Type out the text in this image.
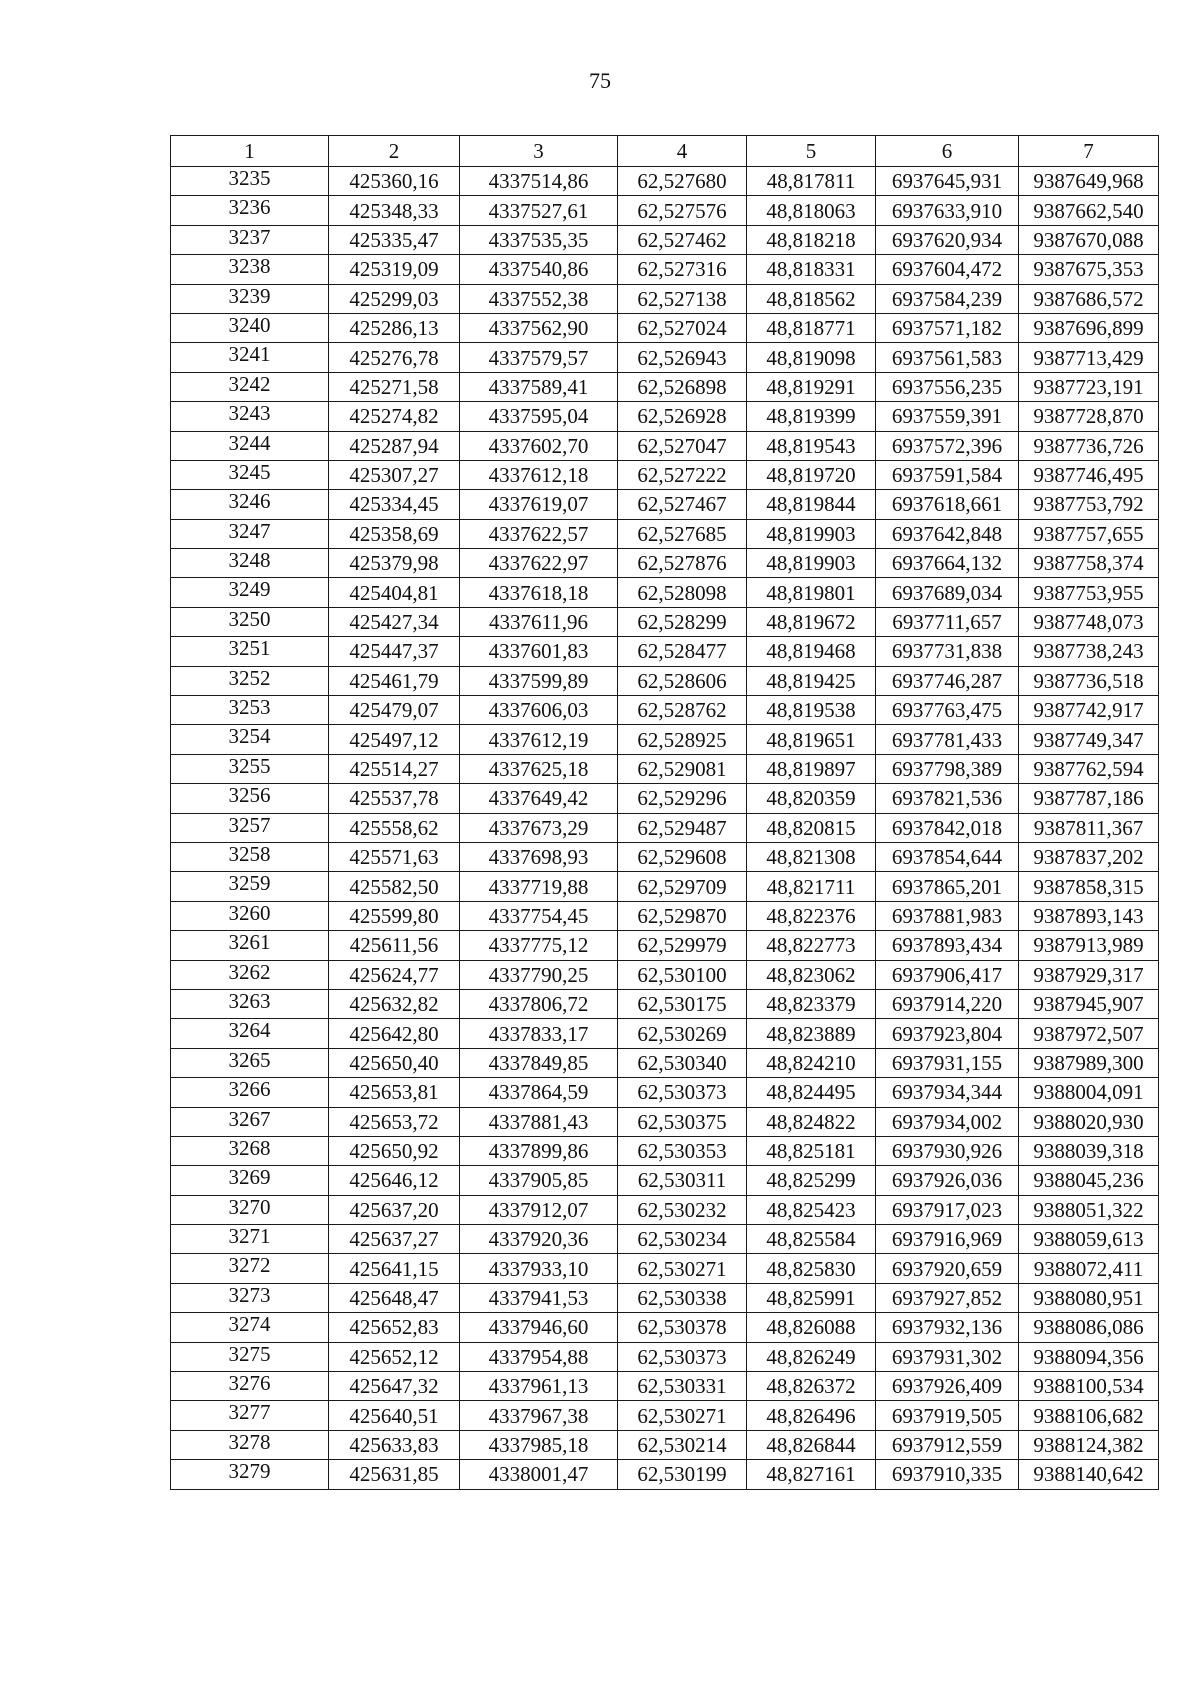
75
1	2	3	4	5	6	7
3235	425360,16	4337514,86	62,527680	48,817811	6937645,931	9387649,968
3236	425348,33	4337527,61	62,527576	48,818063	6937633,910	9387662,540
3237	425335,47	4337535,35	62,527462	48,818218	6937620,934	9387670,088
3238	425319,09	4337540,86	62,527316	48,818331	6937604,472	9387675,353
3239	425299,03	4337552,38	62,527138	48,818562	6937584,239	9387686,572
3240	425286,13	4337562,90	62,527024	48,818771	6937571,182	9387696,899
3241	425276,78	4337579,57	62,526943	48,819098	6937561,583	9387713,429
3242	425271,58	4337589,41	62,526898	48,819291	6937556,235	9387723,191
3243	425274,82	4337595,04	62,526928	48,819399	6937559,391	9387728,870
3244	425287,94	4337602,70	62,527047	48,819543	6937572,396	9387736,726
3245	425307,27	4337612,18	62,527222	48,819720	6937591,584	9387746,495
3246	425334,45	4337619,07	62,527467	48,819844	6937618,661	9387753,792
3247	425358,69	4337622,57	62,527685	48,819903	6937642,848	9387757,655
3248	425379,98	4337622,97	62,527876	48,819903	6937664,132	9387758,374
3249	425404,81	4337618,18	62,528098	48,819801	6937689,034	9387753,955
3250	425427,34	4337611,96	62,528299	48,819672	6937711,657	9387748,073
3251	425447,37	4337601,83	62,528477	48,819468	6937731,838	9387738,243
3252	425461,79	4337599,89	62,528606	48,819425	6937746,287	9387736,518
3253	425479,07	4337606,03	62,528762	48,819538	6937763,475	9387742,917
3254	425497,12	4337612,19	62,528925	48,819651	6937781,433	9387749,347
3255	425514,27	4337625,18	62,529081	48,819897	6937798,389	9387762,594
3256	425537,78	4337649,42	62,529296	48,820359	6937821,536	9387787,186
3257	425558,62	4337673,29	62,529487	48,820815	6937842,018	9387811,367
3258	425571,63	4337698,93	62,529608	48,821308	6937854,644	9387837,202
3259	425582,50	4337719,88	62,529709	48,821711	6937865,201	9387858,315
3260	425599,80	4337754,45	62,529870	48,822376	6937881,983	9387893,143
3261	425611,56	4337775,12	62,529979	48,822773	6937893,434	9387913,989
3262	425624,77	4337790,25	62,530100	48,823062	6937906,417	9387929,317
3263	425632,82	4337806,72	62,530175	48,823379	6937914,220	9387945,907
3264	425642,80	4337833,17	62,530269	48,823889	6937923,804	9387972,507
3265	425650,40	4337849,85	62,530340	48,824210	6937931,155	9387989,300
3266	425653,81	4337864,59	62,530373	48,824495	6937934,344	9388004,091
3267	425653,72	4337881,43	62,530375	48,824822	6937934,002	9388020,930
3268	425650,92	4337899,86	62,530353	48,825181	6937930,926	9388039,318
3269	425646,12	4337905,85	62,530311	48,825299	6937926,036	9388045,236
3270	425637,20	4337912,07	62,530232	48,825423	6937917,023	9388051,322
3271	425637,27	4337920,36	62,530234	48,825584	6937916,969	9388059,613
3272	425641,15	4337933,10	62,530271	48,825830	6937920,659	9388072,411
3273	425648,47	4337941,53	62,530338	48,825991	6937927,852	9388080,951
3274	425652,83	4337946,60	62,530378	48,826088	6937932,136	9388086,086
3275	425652,12	4337954,88	62,530373	48,826249	6937931,302	9388094,356
3276	425647,32	4337961,13	62,530331	48,826372	6937926,409	9388100,534
3277	425640,51	4337967,38	62,530271	48,826496	6937919,505	9388106,682
3278	425633,83	4337985,18	62,530214	48,826844	6937912,559	9388124,382
3279	425631,85	4338001,47	62,530199	48,827161	6937910,335	9388140,642
